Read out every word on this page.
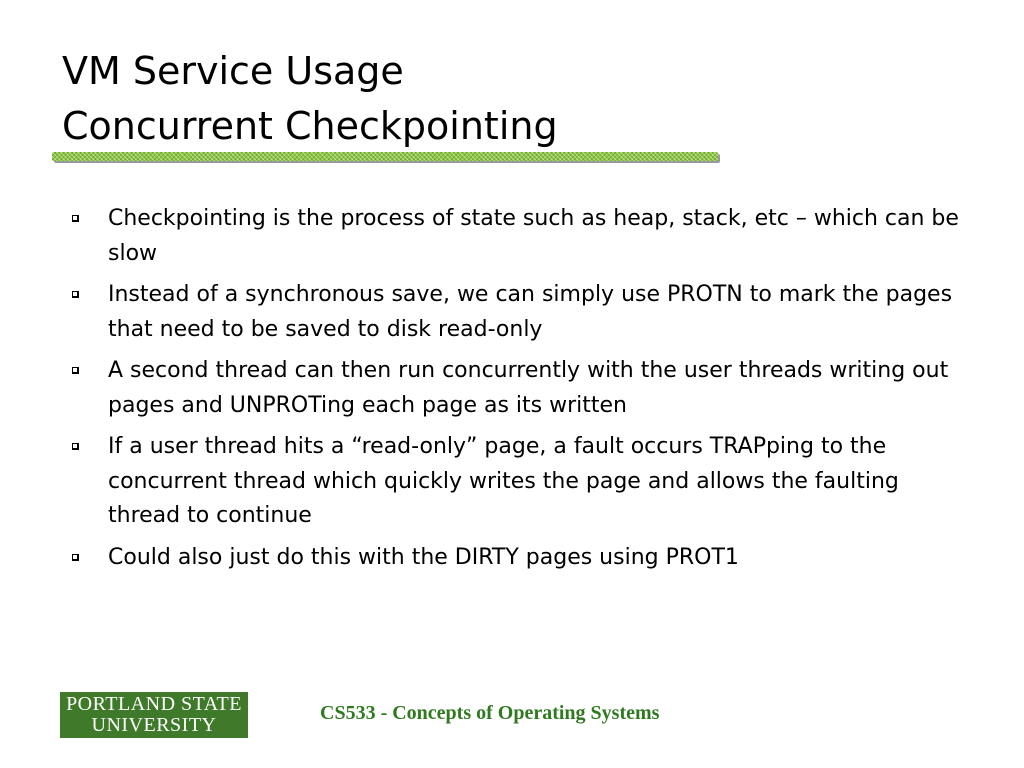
VM Service Usage
Concurrent Checkpointing
Checkpointing is the process of state such as heap, stack, etc – which can be slow
Instead of a synchronous save, we can simply use PROTN to mark the pages that need to be saved to disk read-only
A second thread can then run concurrently with the user threads writing out pages and UNPROTing each page as its written
If a user thread hits a “read-only” page, a fault occurs TRAPping to the concurrent thread which quickly writes the page and allows the faulting thread to continue
Could also just do this with the DIRTY pages using PROT1
PORTLAND STATE
UNIVERSITY
CS533 - Concepts of Operating Systems
